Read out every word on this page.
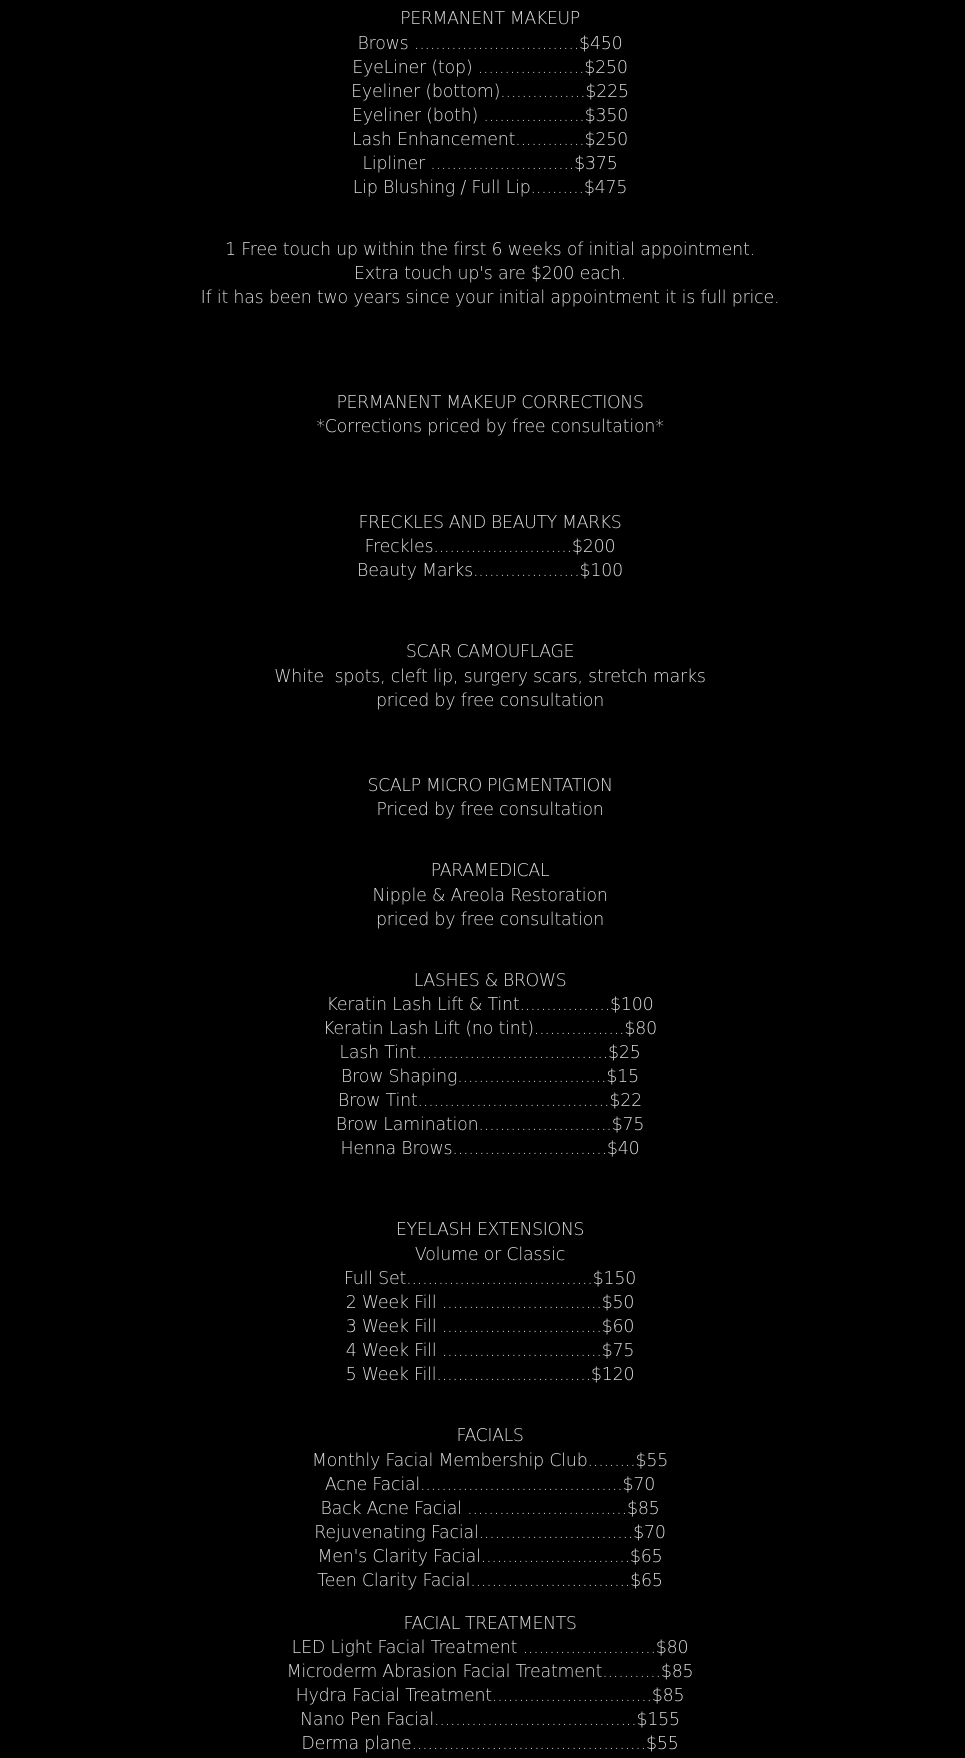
PERMANENT MAKEUP
Brows ...............................$450
EyeLiner (top) ....................$250
Eyeliner (bottom)................$225
Eyeliner (both) ...................$350
Lash Enhancement.............$250
Lipliner ...........................$375
Lip Blushing / Full Lip..........$475
1 Free touch up within the first 6 weeks of initial appointment.
Extra touch up's are $200 each.
If it has been two years since your initial appointment it is full price.
PERMANENT MAKEUP CORRECTIONS
*Corrections priced by free consultation*
FRECKLES AND BEAUTY MARKS
Freckles..........................$200
Beauty Marks....................$100
SCAR CAMOUFLAGE
White  spots, cleft lip, surgery scars, stretch marks
priced by free consultation
SCALP MICRO PIGMENTATION
Priced by free consultation
PARAMEDICAL
Nipple & Areola Restoration
priced by free consultation
LASHES & BROWS
Keratin Lash Lift & Tint.................$100
Keratin Lash Lift (no tint).................$80
Lash Tint....................................$25
Brow Shaping............................$15
Brow Tint....................................$22
Brow Lamination.........................$75
Henna Brows.............................$40
EYELASH EXTENSIONS
Volume or Classic
Full Set...................................$150
2 Week Fill ..............................$50
3 Week Fill ..............................$60
4 Week Fill ..............................$75
5 Week Fill.............................$120
FACIALS
Monthly Facial Membership Club.........$55
Acne Facial......................................$70
Back Acne Facial ..............................$85
Rejuvenating Facial.............................$70
Men's Clarity Facial............................$65
Teen Clarity Facial..............................$65
FACIAL TREATMENTS
LED Light Facial Treatment .........................$80
Microderm Abrasion Facial Treatment...........$85
Hydra Facial Treatment..............................$85
Nano Pen Facial......................................$155
Derma plane............................................$55
